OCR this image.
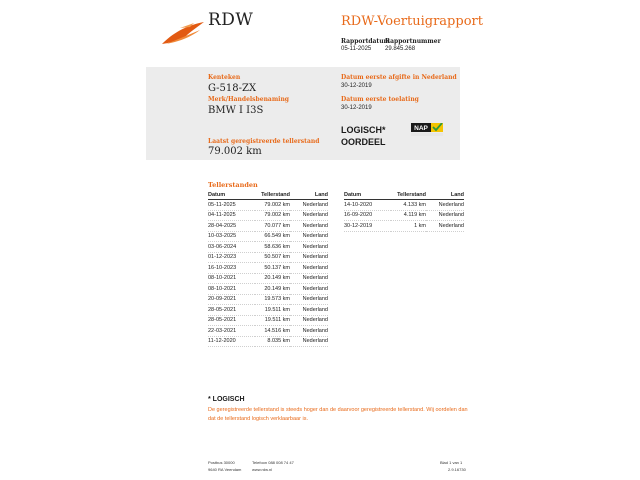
RDW	RDW-Voertuigrapport
Rapportdatum
05-11-2025
Rapportnummer
29.845.268
Kenteken
G-518-ZX
Merk/Handelsbenaming
BMW I I3S
Laatst geregistreerde tellerstand
79.002 km
Datum eerste afgifte in Nederland
30-12-2019
Datum eerste toelating
30-12-2019
LOGISCH*
OORDEEL
NAP
Tellerstanden
Datum	Tellerstand	Land
05-11-2025	79.002 km	Nederland
04-11-2025	79.002 km	Nederland
28-04-2025	70.077 km	Nederland
10-03-2025	66.549 km	Nederland
03-06-2024	58.636 km	Nederland
01-12-2023	50.507 km	Nederland
16-10-2023	50.137 km	Nederland
08-10-2021	20.149 km	Nederland
08-10-2021	20.149 km	Nederland
20-09-2021	19.573 km	Nederland
28-05-2021	19.511 km	Nederland
28-05-2021	19.511 km	Nederland
22-03-2021	14.516 km	Nederland
11-12-2020	8.035 km	Nederland
Datum	Tellerstand	Land
14-10-2020	4.133 km	Nederland
16-09-2020	4.119 km	Nederland
30-12-2019	1 km	Nederland
* LOGISCH
De geregistreerde tellerstand is steeds hoger dan de daarvoor geregistreerde tellerstand. Wij oordelen dan dat de tellerstand logisch verklaarbaar is.
Postbus 30000
9640 RA Veendam
Telefoon 088 008 74 47
www.rdw.nl
Blad 1 van 1
2.9.16730
